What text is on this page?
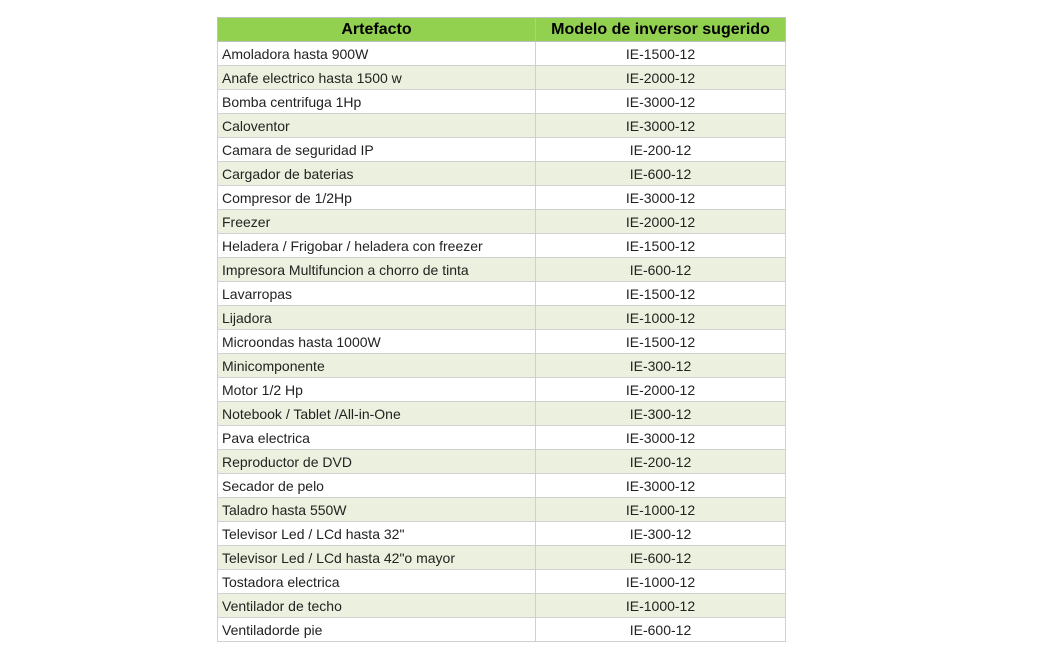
Artefacto	Modelo de inversor sugerido
Amoladora hasta 900W	IE-1500-12
Anafe electrico hasta 1500 w	IE-2000-12
Bomba centrifuga 1Hp	IE-3000-12
Caloventor	IE-3000-12
Camara de seguridad IP	IE-200-12
Cargador de baterias	IE-600-12
Compresor de 1/2Hp	IE-3000-12
Freezer	IE-2000-12
Heladera / Frigobar / heladera con freezer	IE-1500-12
Impresora Multifuncion a chorro de tinta	IE-600-12
Lavarropas	IE-1500-12
Lijadora	IE-1000-12
Microondas hasta 1000W	IE-1500-12
Minicomponente	IE-300-12
Motor 1/2 Hp	IE-2000-12
Notebook / Tablet /All-in-One	IE-300-12
Pava electrica	IE-3000-12
Reproductor de DVD	IE-200-12
Secador de pelo	IE-3000-12
Taladro hasta 550W	IE-1000-12
Televisor Led / LCd hasta 32"	IE-300-12
Televisor Led / LCd hasta 42"o mayor	IE-600-12
Tostadora electrica	IE-1000-12
Ventilador de techo	IE-1000-12
Ventiladorde pie	IE-600-12
